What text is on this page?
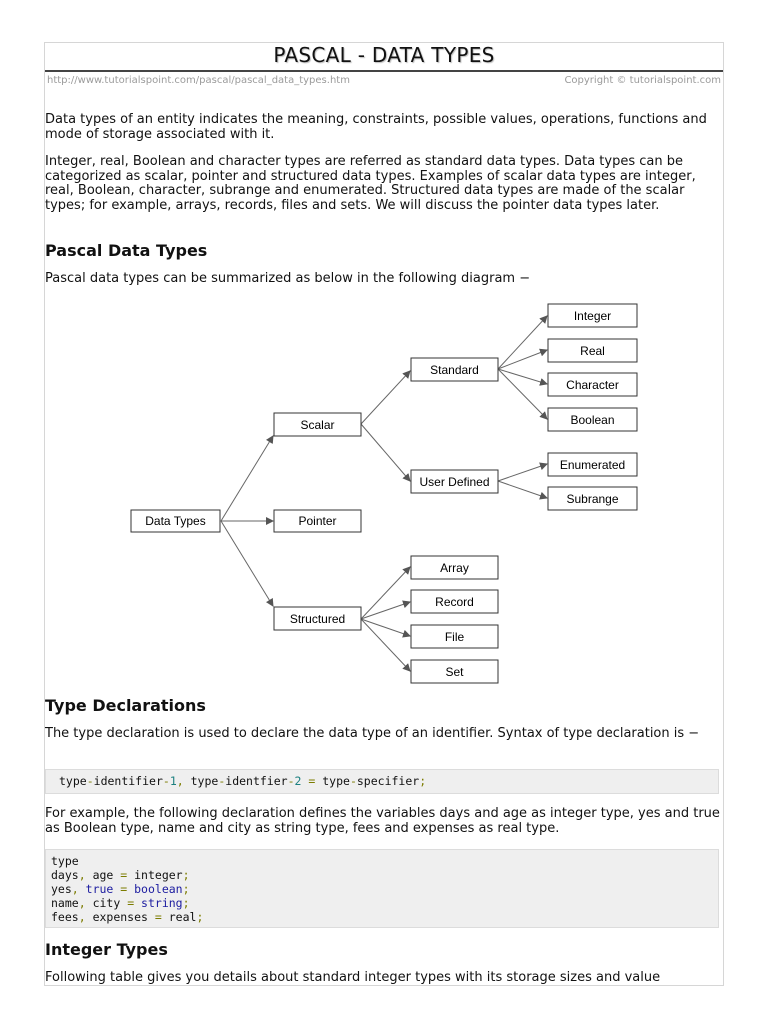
PASCAL - DATA TYPES
http://www.tutorialspoint.com/pascal/pascal_data_types.htm	Copyright © tutorialspoint.com

Data types of an entity indicates the meaning, constraints, possible values, operations, functions and mode of storage associated with it.

Integer, real, Boolean and character types are referred as standard data types. Data types can be categorized as scalar, pointer and structured data types. Examples of scalar data types are integer, real, Boolean, character, subrange and enumerated. Structured data types are made of the scalar types; for example, arrays, records, files and sets. We will discuss the pointer data types later.

Pascal Data Types

Pascal data types can be summarized as below in the following diagram −

Data Types
Scalar
Pointer
Structured
Standard
User Defined
Integer
Real
Character
Boolean
Enumerated
Subrange
Array
Record
File
Set
Type Declarations

The type declaration is used to declare the data type of an identifier. Syntax of type declaration is −

type-identifier-1, type-identfier-2 = type-specifier;

For example, the following declaration defines the variables days and age as integer type, yes and true as Boolean type, name and city as string type, fees and expenses as real type.

type
days, age = integer;
yes, true = boolean;
name, city = string;
fees, expenses = real;
Integer Types

Following table gives you details about standard integer types with its storage sizes and value
